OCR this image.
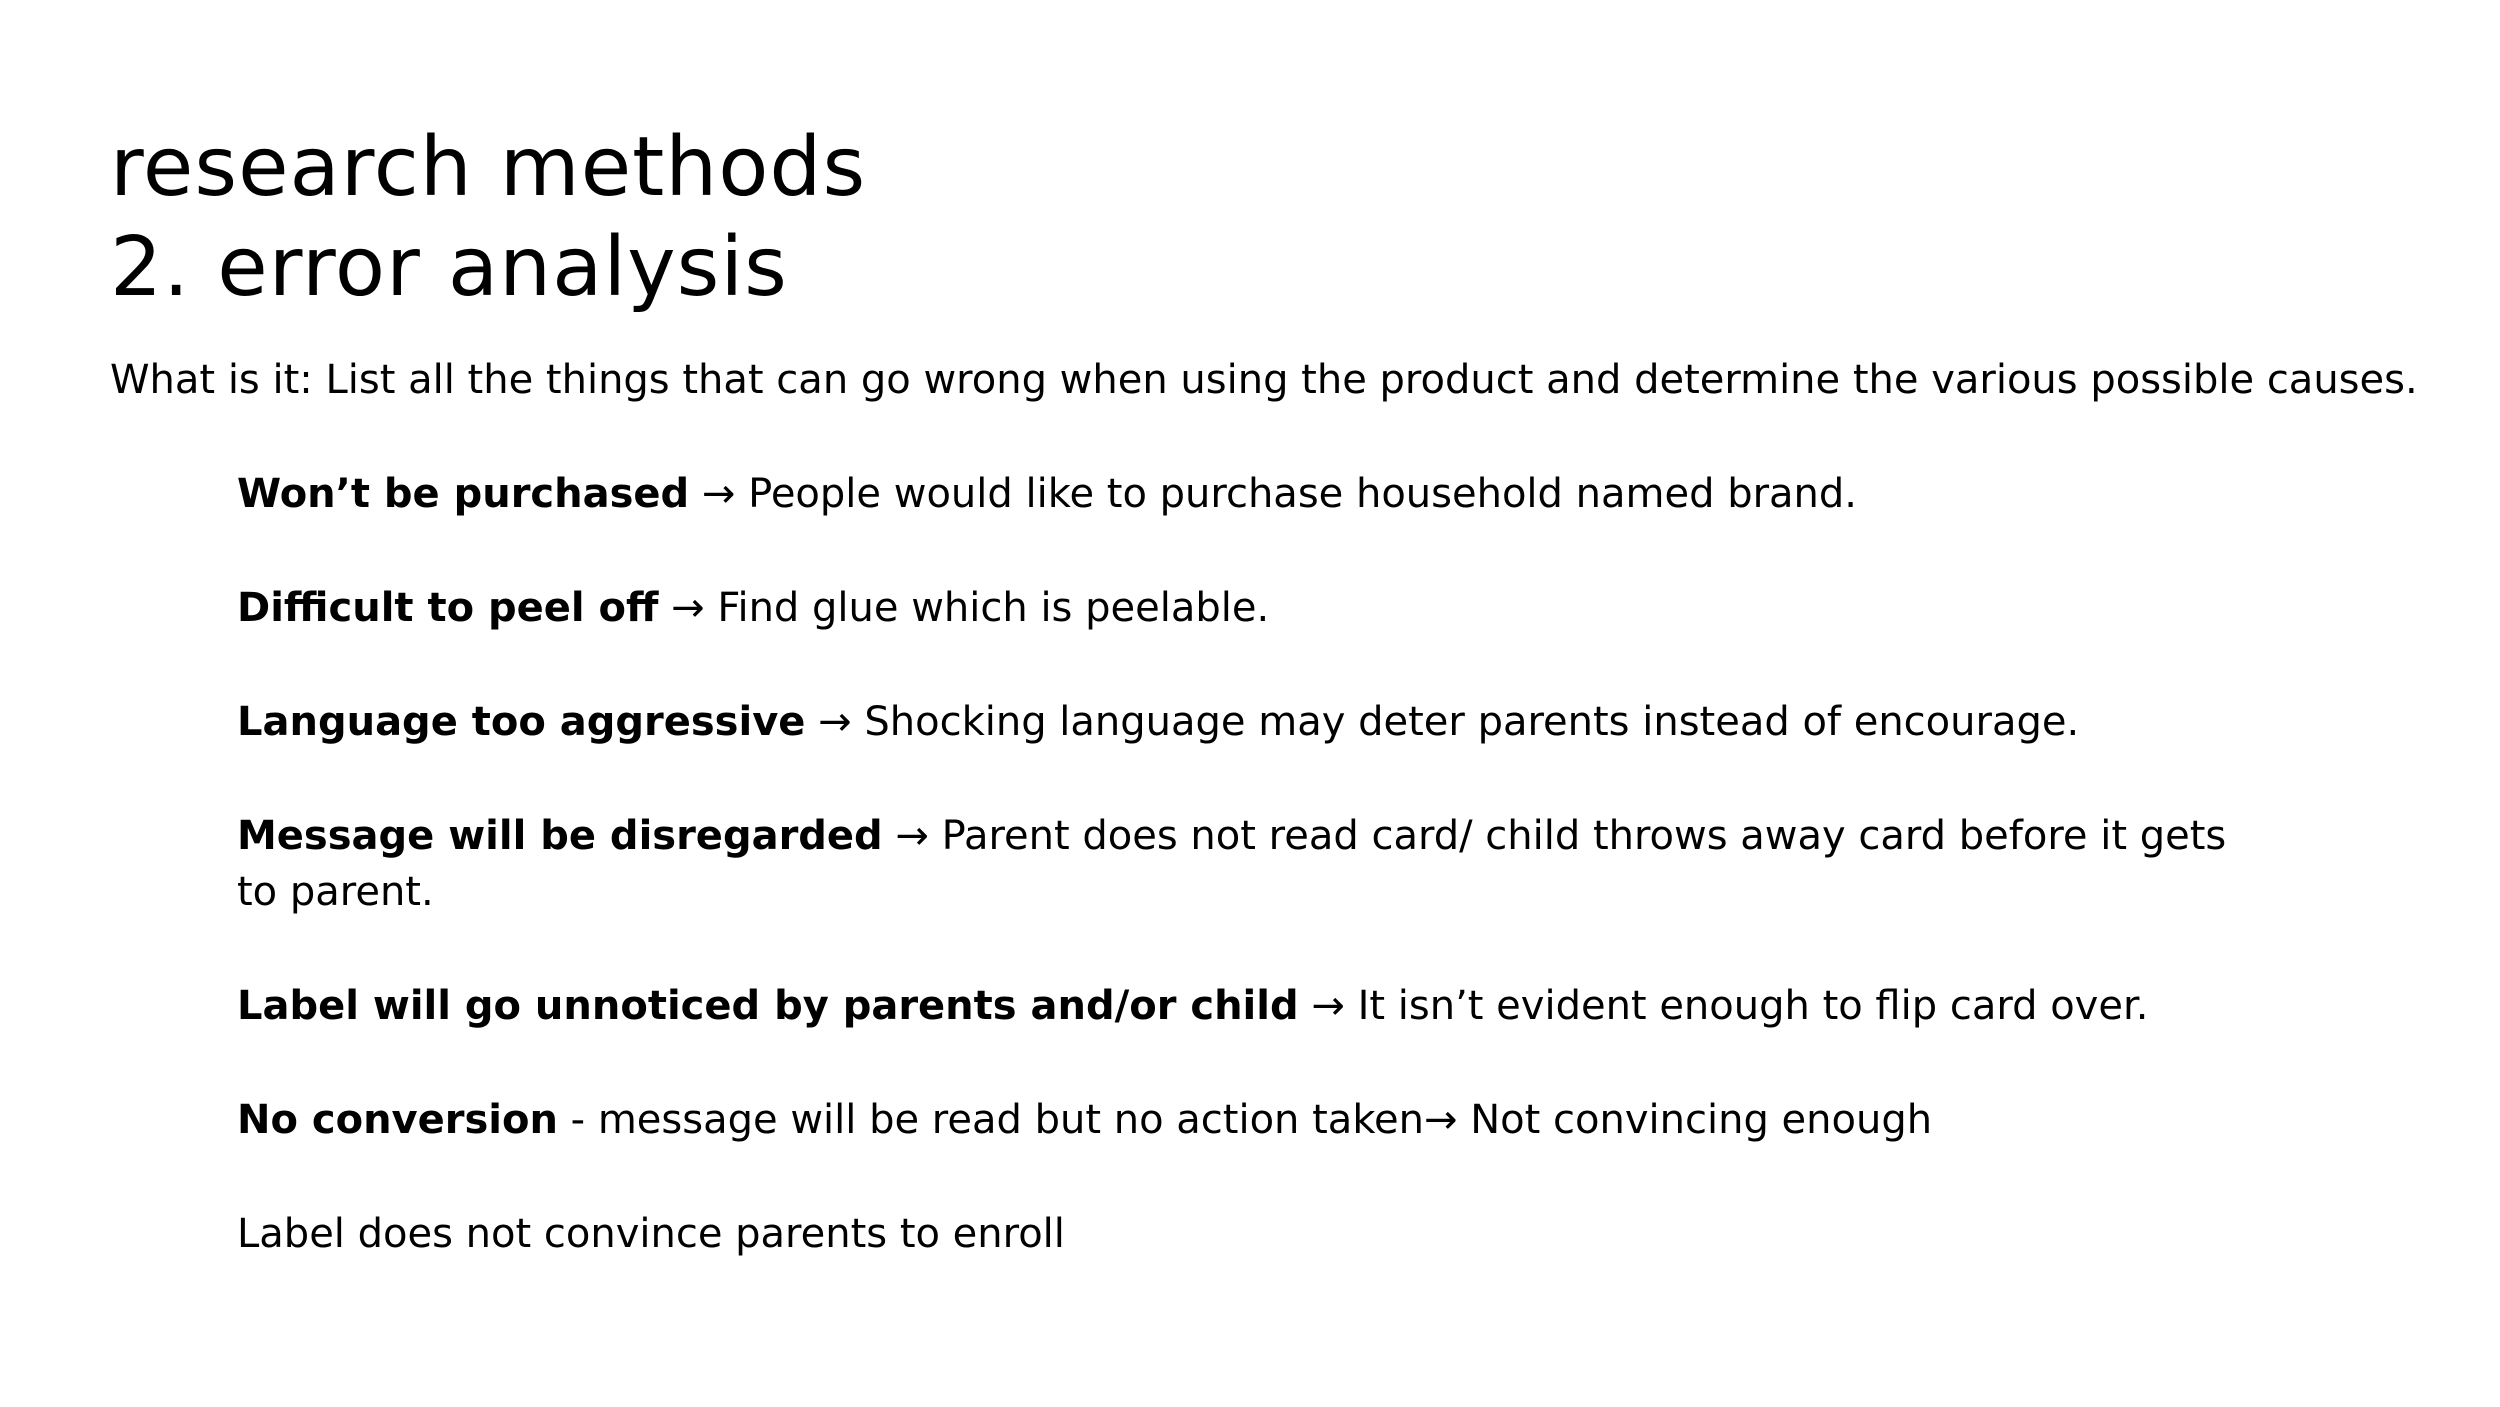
research methods
2. error analysis

What is it: List all the things that can go wrong when using the product and determine the various possible causes.

Won’t be purchased → People would like to purchase household named brand.
Difficult to peel off → Find glue which is peelable.
Language too aggressive → Shocking language may deter parents instead of encourage.
Message will be disregarded → Parent does not read card/ child throws away card before it gets to parent.
Label will go unnoticed by parents and/or child → It isn’t evident enough to flip card over.
No conversion - message will be read but no action taken→ Not convincing enough
Label does not convince parents to enroll
